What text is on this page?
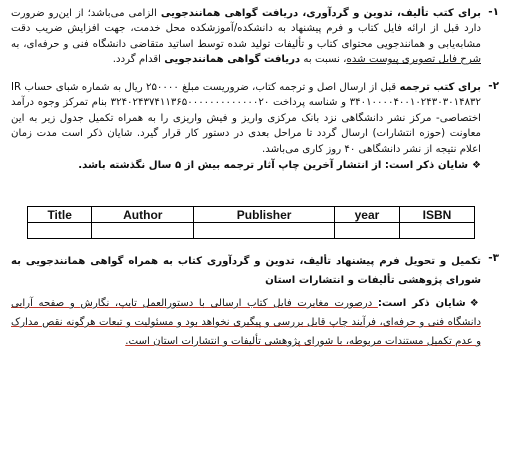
۱-
برای کتب تألیف، تدوین و گردآوری، دریافت گواهی همانندجویی الزامی می‌باشد؛ از این‌رو ضرورت دارد قبل از ارائه فایل کتاب و فرم پیشنهاد به دانشکده/آموزشکده محل خدمت، جهت افزایش ضریب دقت مشابه‌یابی و همانندجویی محتوای کتاب و تألیفات تولید شده توسط اساتید متقاضی دانشگاه فنی و حرفه‌ای، به شرح فایل تصویری پیوست شده، نسبت به دریافت گواهی همانندجویی اقدام گردد.
۲-
برای کتب ترجمه قبل از ارسال اصل و ترجمه کتاب، ضروریست مبلغ ۲۵۰۰۰۰ ریال به شماره شبای حساب IR ۳۴۰۱۰۰۰۰۴۰۰۱۰۲۴۳۰۳۰۱۴۸۳۲ و شناسه پرداخت ۳۲۴۰۲۴۳۷۴۱۱۳۶۵۰۰۰۰۰۰۰۰۰۰۰۰۰۲۰ بنام تمرکز وجوه درآمد اختصاصی- مرکز نشر دانشگاهی نزد بانک مرکزی واریز و فیش واریزی را به همراه تکمیل جدول زیر به این معاونت (حوزه انتشارات) ارسال گردد تا مراحل بعدی در دستور کار قرار گیرد. شایان ذکر است مدت زمان اعلام نتیجه از نشر دانشگاهی ۴۰ روز کاری می‌باشد.
❖شایان ذکر است: از انتشار آخرین چاپ آثار ترجمه بیش از ۵ سال نگذشته باشد.
Title	Author	Publisher	year	ISBN

۳-
تکمیل و تحویل فرم پیشنهاد تألیف، تدوین و گردآوری کتاب به همراه گواهی همانندجویی به شورای پژوهشی تألیفات و انتشارات استان
❖شایان ذکر است: درصورت مغایرت فایل کتاب ارسالی با دستورالعمل تایپ، نگارش و صفحه آرایی دانشگاه فنی و حرفه‌ای، فرآیند چاپ قابل بررسی و پیگیری نخواهد بود و مسئولیت و تبعات هرگونه نقص مدارک و عدم تکمیل مستندات مربوطه، با شورای پژوهشی تألیفات و انتشارات استان است.
